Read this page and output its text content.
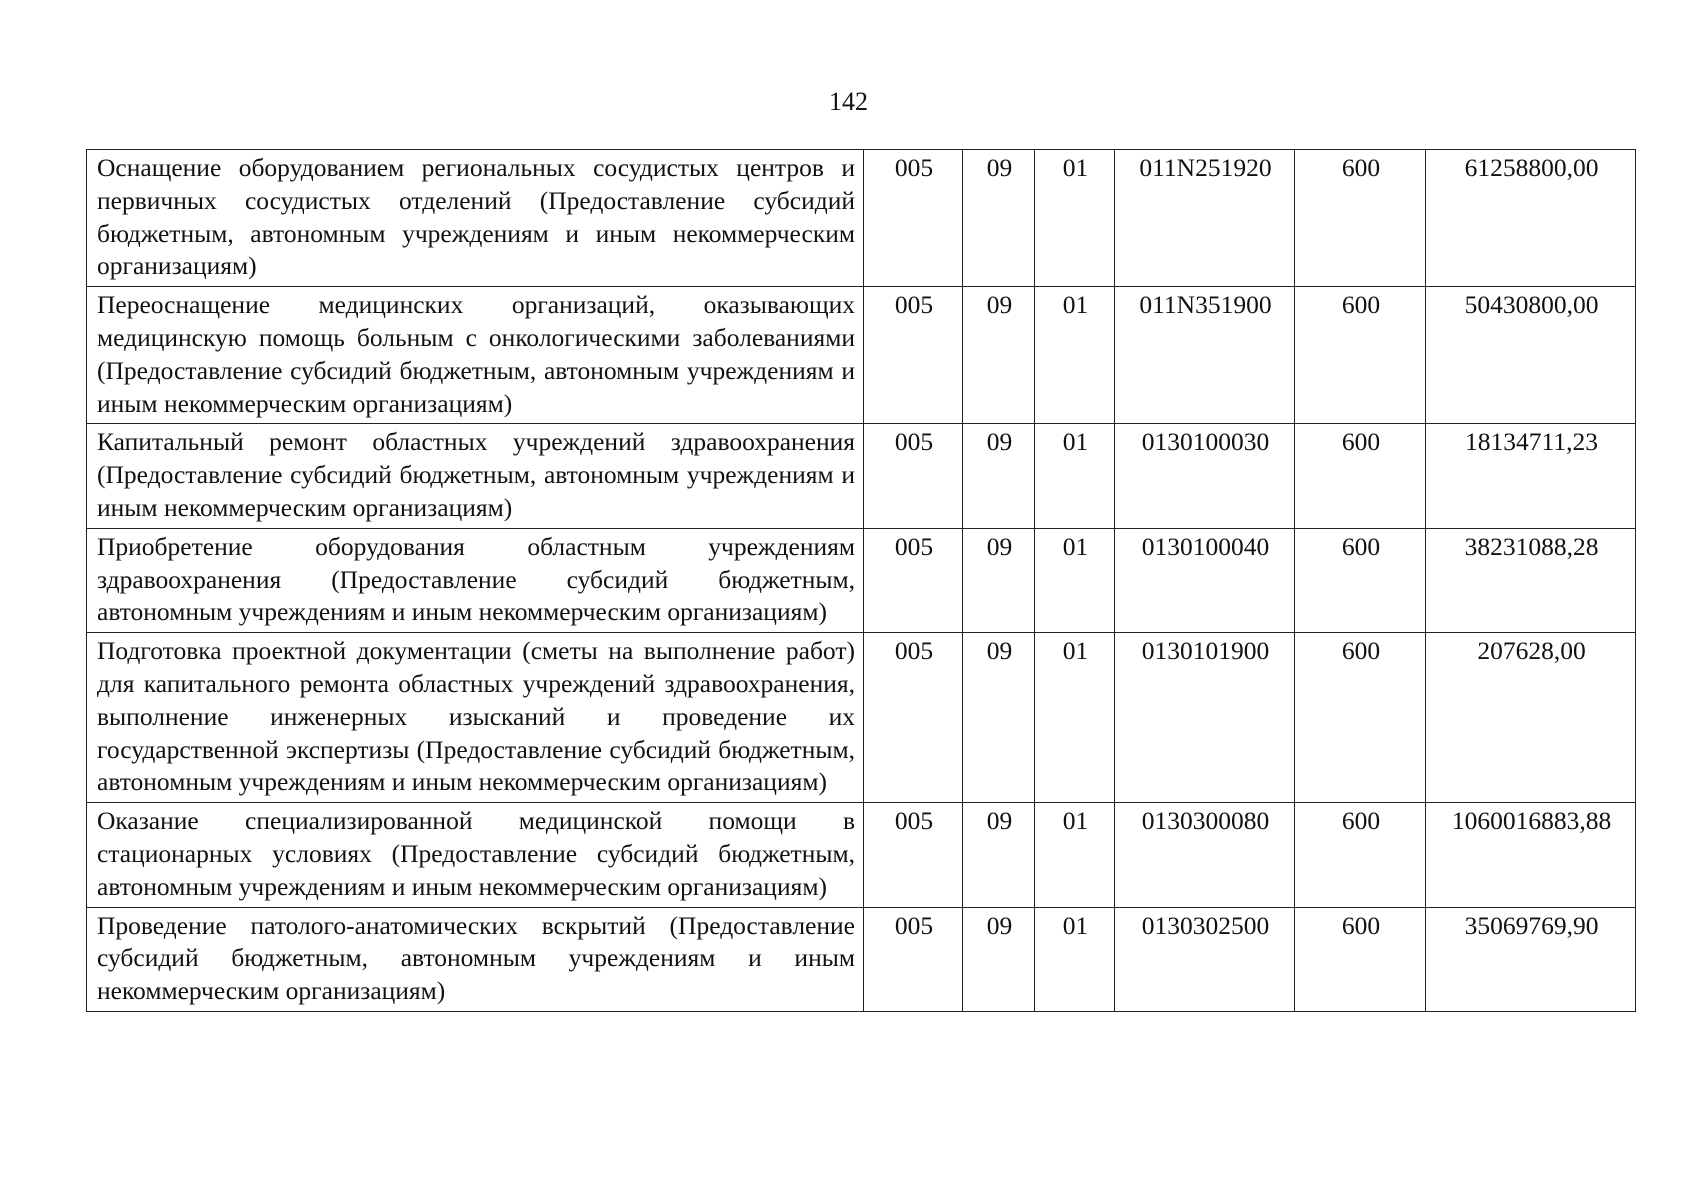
142
Оснащение оборудованием региональных сосудистых центров и первичных сосудистых отделений (Предоставление субсидий бюджетным, автономным учреждениям и иным некоммерческим организациям)	005	09	01	011N251920	600	61258800,00
Переоснащение медицинских организаций, оказывающих медицинскую помощь больным с онкологическими заболеваниями (Предоставление субсидий бюджетным, автономным учреждениям и иным некоммерческим организациям)	005	09	01	011N351900	600	50430800,00
Капитальный ремонт областных учреждений здравоохранения (Предоставление субсидий бюджетным, автономным учреждениям и иным некоммерческим организациям)	005	09	01	0130100030	600	18134711,23
Приобретение оборудования областным учреждениям здравоохранения (Предоставление субсидий бюджетным, автономным учреждениям и иным некоммерческим организациям)	005	09	01	0130100040	600	38231088,28
Подготовка проектной документации (сметы на выполнение работ) для капитального ремонта областных учреждений здравоохранения, выполнение инженерных изысканий и проведение их государственной экспертизы (Предоставление субсидий бюджетным, автономным учреждениям и иным некоммерческим организациям)	005	09	01	0130101900	600	207628,00
Оказание специализированной медицинской помощи в стационарных условиях (Предоставление субсидий бюджетным, автономным учреждениям и иным некоммерческим организациям)	005	09	01	0130300080	600	1060016883,88
Проведение патолого-анатомических вскрытий (Предоставление субсидий бюджетным, автономным учреждениям и иным некоммерческим организациям)	005	09	01	0130302500	600	35069769,90
